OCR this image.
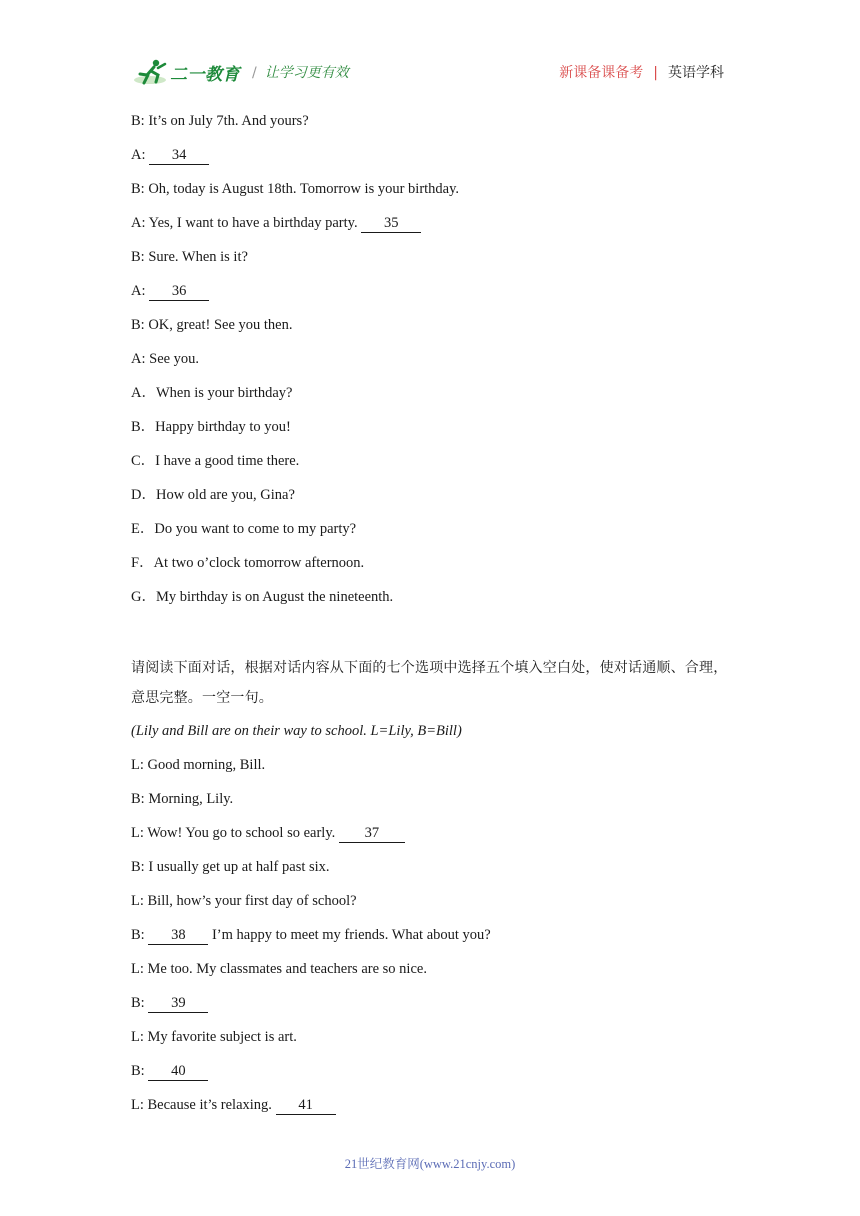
二一教育 / 让学习更有效	新课备课备考 | 英语学科
B: It’s on July 7th. And yours?
A: 34
B: Oh, today is August 18th. Tomorrow is your birthday.
A: Yes, I want to have a birthday party. 35
B: Sure. When is it?
A: 36
B: OK, great! See you then.
A: See you.
A．When is your birthday?
B．Happy birthday to you!
C．I have a good time there.
D．How old are you, Gina?
E．Do you want to come to my party?
F．At two o’clock tomorrow afternoon.
G．My birthday is on August the nineteenth.
请阅读下面对话，根据对话内容从下面的七个选项中选择五个填入空白处，使对话通顺、合理，意思完整。一空一句。
(Lily and Bill are on their way to school. L=Lily, B=Bill)
L: Good morning, Bill.
B: Morning, Lily.
L: Wow! You go to school so early. 37
B: I usually get up at half past six.
L: Bill, how’s your first day of school?
B: 38 I’m happy to meet my friends. What about you?
L: Me too. My classmates and teachers are so nice.
B: 39
L: My favorite subject is art.
B: 40
L: Because it’s relaxing. 41
21世纪教育网(www.21cnjy.com)
